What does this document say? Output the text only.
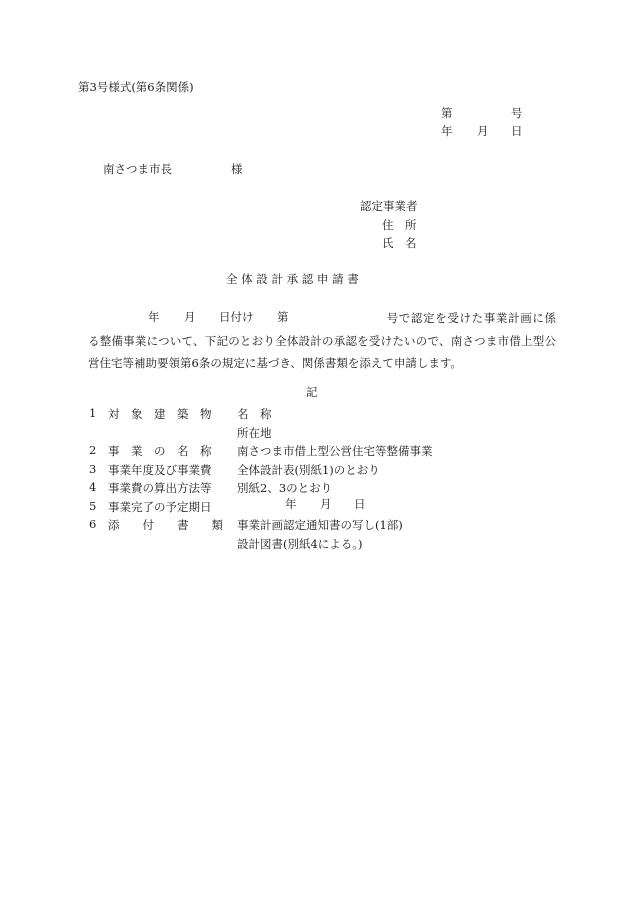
第3号様式(第6条関係)
第	号
年 月 日
南さつま市長	様
認定事業者
住　所
氏　名
全 体 設 計 承 認 申 請 書
年 月 日付け 第	号で認定を受けた事業計画に係る整備事業について、下記のとおり全体設計の承認を受けたいので、南さつま市借上型公営住宅等補助要領第6条の規定に基づき、関係書類を添えて申請します。
記
1 対　象　建　築　物 名　称
所在地
2 事　業　の　名　称 南さつま市借上型公営住宅等整備事業
3 事業年度及び事業費 全体設計表(別紙1)のとおり
4 事業費の算出方法等 別紙2、3のとおり
5 事業完了の予定期日	年 月 日
6 添　　付　　書　　類 事業計画認定通知書の写し(1部)
設計図書(別紙4による。)
